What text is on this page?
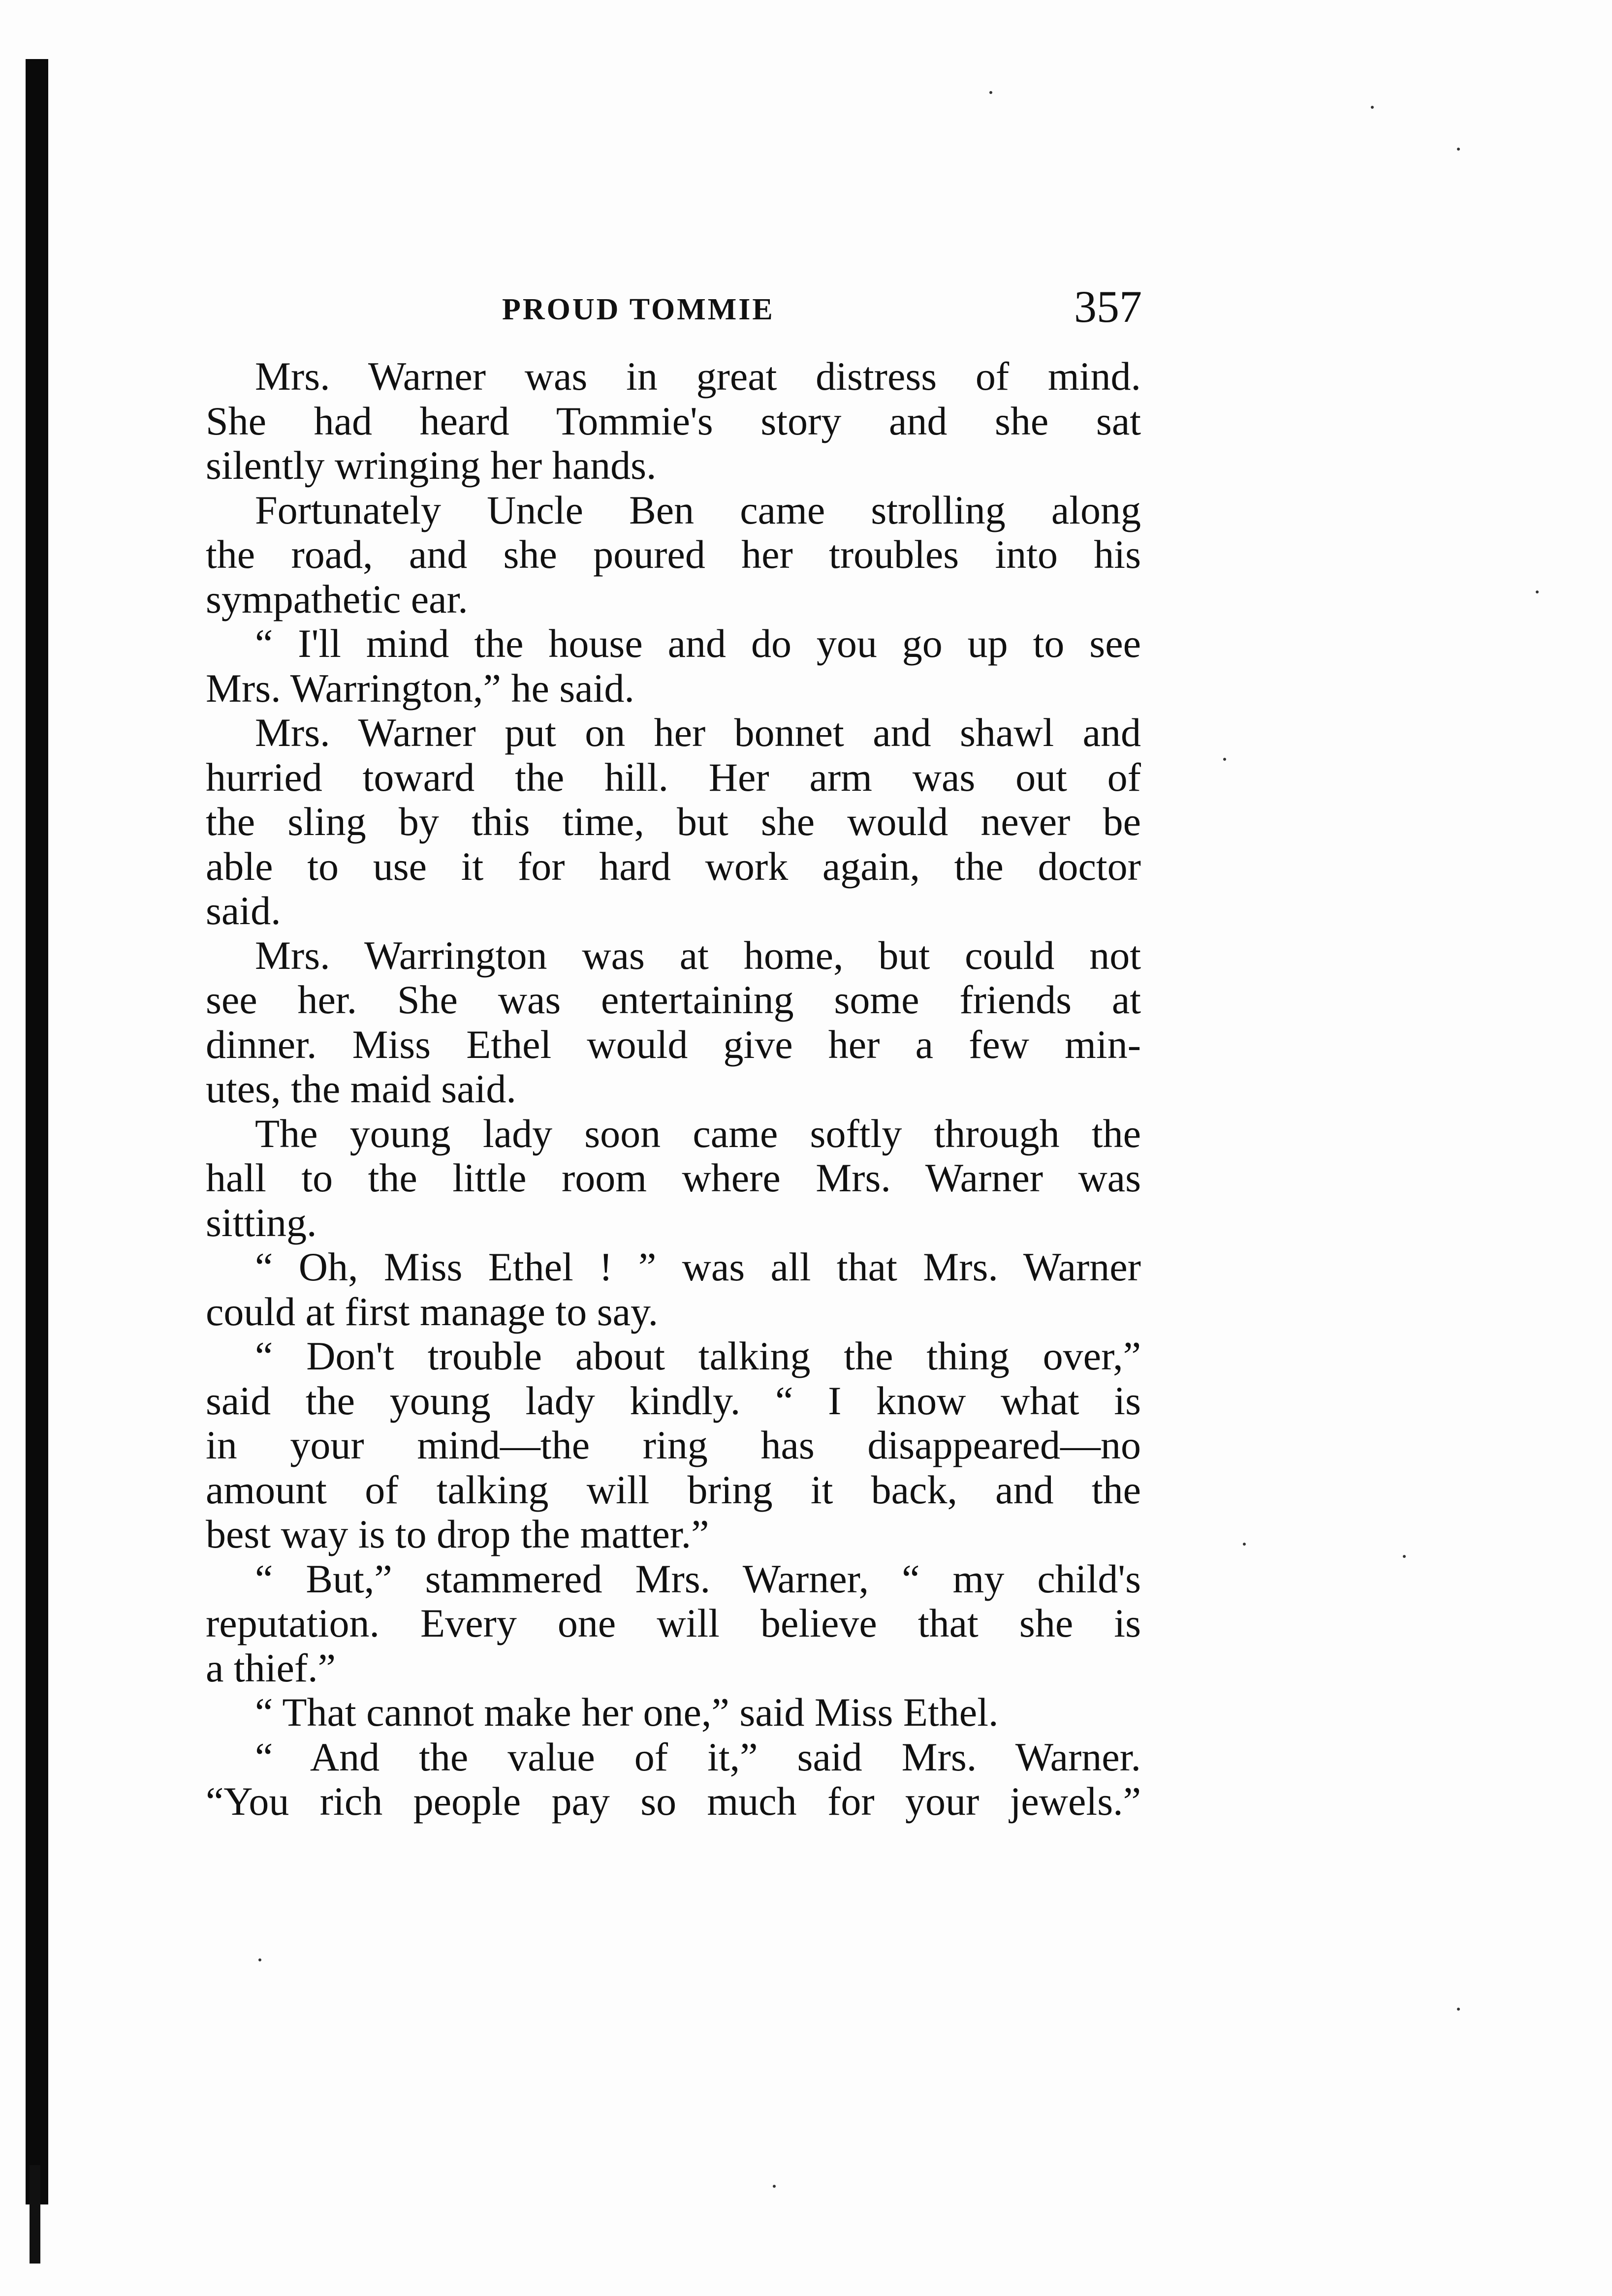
PROUD TOMMIE	357
Mrs. Warner was in great distress of mind.
She had heard Tommie's story and she sat
silently wringing her hands.
Fortunately Uncle Ben came strolling along
the road, and she poured her troubles into his
sympathetic ear.
“ I'll mind the house and do you go up to see
Mrs. Warrington,” he said.
Mrs. Warner put on her bonnet and shawl and
hurried toward the hill. Her arm was out of
the sling by this time, but she would never be
able to use it for hard work again, the doctor
said.
Mrs. Warrington was at home, but could not
see her. She was entertaining some friends at
dinner. Miss Ethel would give her a few min-
utes, the maid said.
The young lady soon came softly through the
hall to the little room where Mrs. Warner was
sitting.
“ Oh, Miss Ethel ! ” was all that Mrs. Warner
could at first manage to say.
“ Don't trouble about talking the thing over,”
said the young lady kindly. “ I know what is
in your mind—the ring has disappeared—no
amount of talking will bring it back, and the
best way is to drop the matter.”
“ But,” stammered Mrs. Warner, “ my child's
reputation. Every one will believe that she is
a thief.”
“ That cannot make her one,” said Miss Ethel.
“ And the value of it,” said Mrs. Warner.
“You rich people pay so much for your jewels.”
